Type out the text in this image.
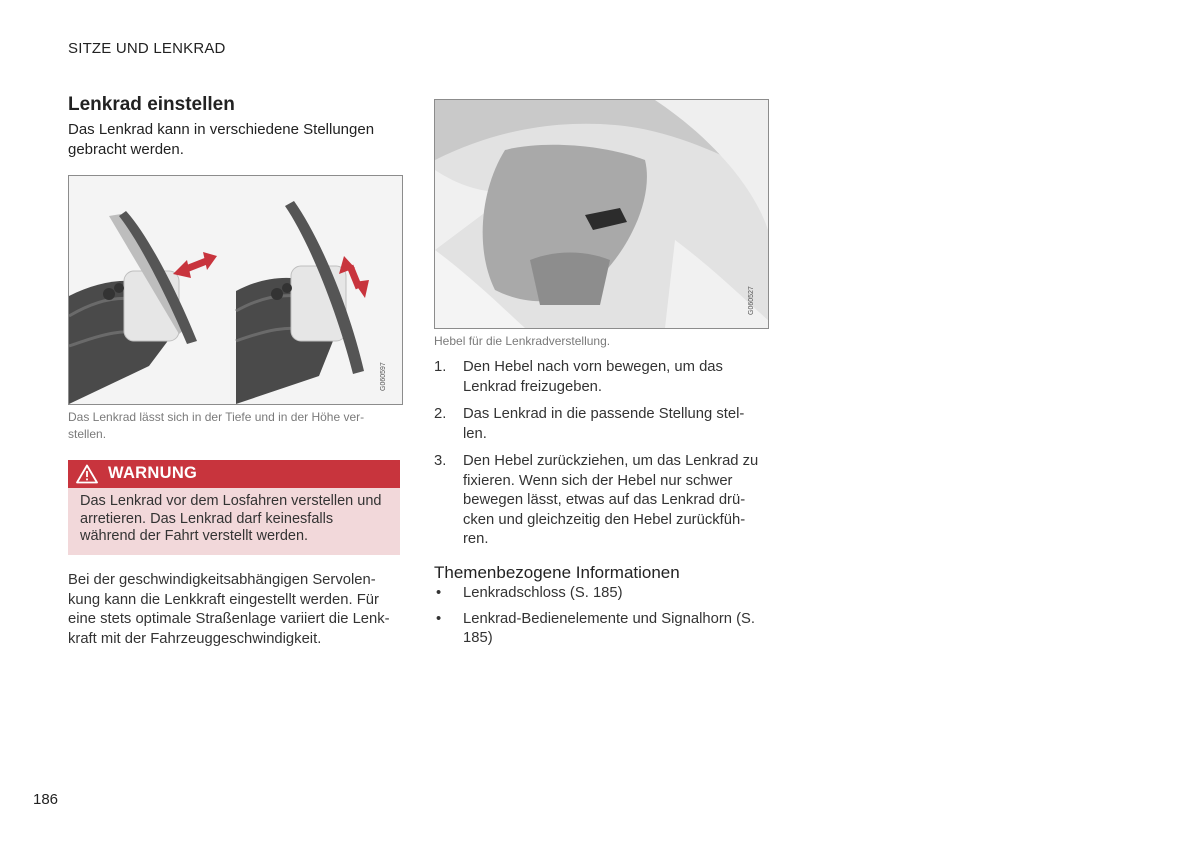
SITZE UND LENKRAD
Lenkrad einstellen
Das Lenkrad kann in verschiedene Stellungen gebracht werden.
G060597
Das Lenkrad lässt sich in der Tiefe und in der Höhe ver-stellen.
G060527
Hebel für die Lenkradverstellung.
WARNUNG
Das Lenkrad vor dem Losfahren verstellen und arretieren. Das Lenkrad darf keinesfalls während der Fahrt verstellt werden.
Bei der geschwindigkeitsabhängigen Servolen-kung kann die Lenkkraft eingestellt werden. Für eine stets optimale Straßenlage variiert die Lenk-kraft mit der Fahrzeuggeschwindigkeit.
1. Den Hebel nach vorn bewegen, um das Lenkrad freizugeben.
2. Das Lenkrad in die passende Stellung stel-len.
3. Den Hebel zurückziehen, um das Lenkrad zu fixieren. Wenn sich der Hebel nur schwer bewegen lässt, etwas auf das Lenkrad drü-cken und gleichzeitig den Hebel zurückfüh-ren.
Themenbezogene Informationen
• Lenkradschloss (S. 185)
• Lenkrad-Bedienelemente und Signalhorn (S. 185)
186
